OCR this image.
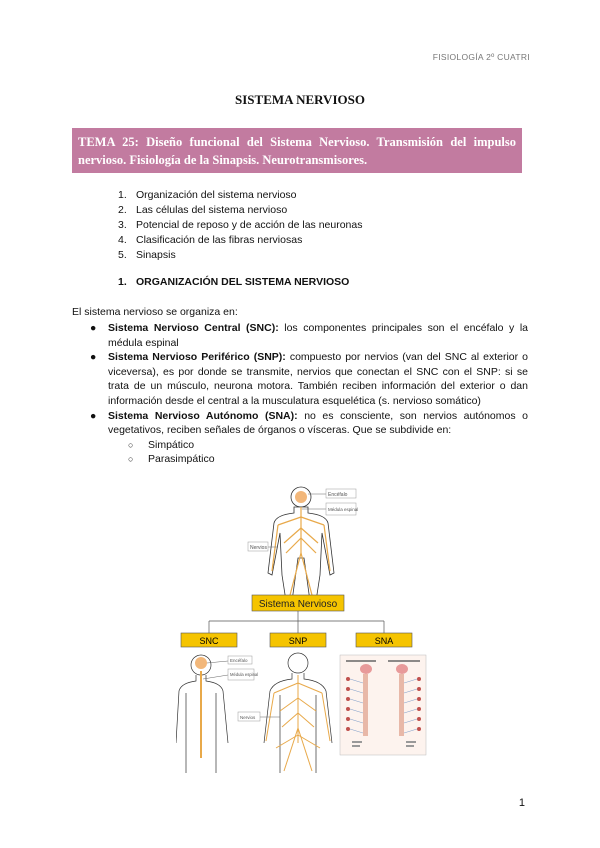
FISIOLOGÍA 2º CUATRI
SISTEMA NERVIOSO
TEMA 25: Diseño funcional del Sistema Nervioso. Transmisión del impulso nervioso. Fisiología de la Sinapsis. Neurotransmisores.
1. Organización del sistema nervioso
2. Las células del sistema nervioso
3. Potencial de reposo y de acción de las neuronas
4. Clasificación de las fibras nerviosas
5. Sinapsis
1. ORGANIZACIÓN DEL SISTEMA NERVIOSO
El sistema nervioso se organiza en:
● Sistema Nervioso Central (SNC): los componentes principales son el encéfalo y la médula espinal
● Sistema Nervioso Periférico (SNP): compuesto por nervios (van del SNC al exterior o viceversa), es por donde se transmite, nervios que conectan el SNC con el SNP: si se trata de un músculo, neurona motora. También reciben información del exterior o dan información desde el central a la musculatura esquelética (s. nervioso somático)
● Sistema Nervioso Autónomo (SNA): no es consciente, son nervios autónomos o vegetativos, reciben señales de órganos o vísceras. Que se subdivide en:
○ Simpático
○ Parasimpático
Encéfalo
Médula espinal
Nervios
Sistema Nervioso
SNC	SNP	SNA
Encéfalo
Médula espinal
Nervios
1
